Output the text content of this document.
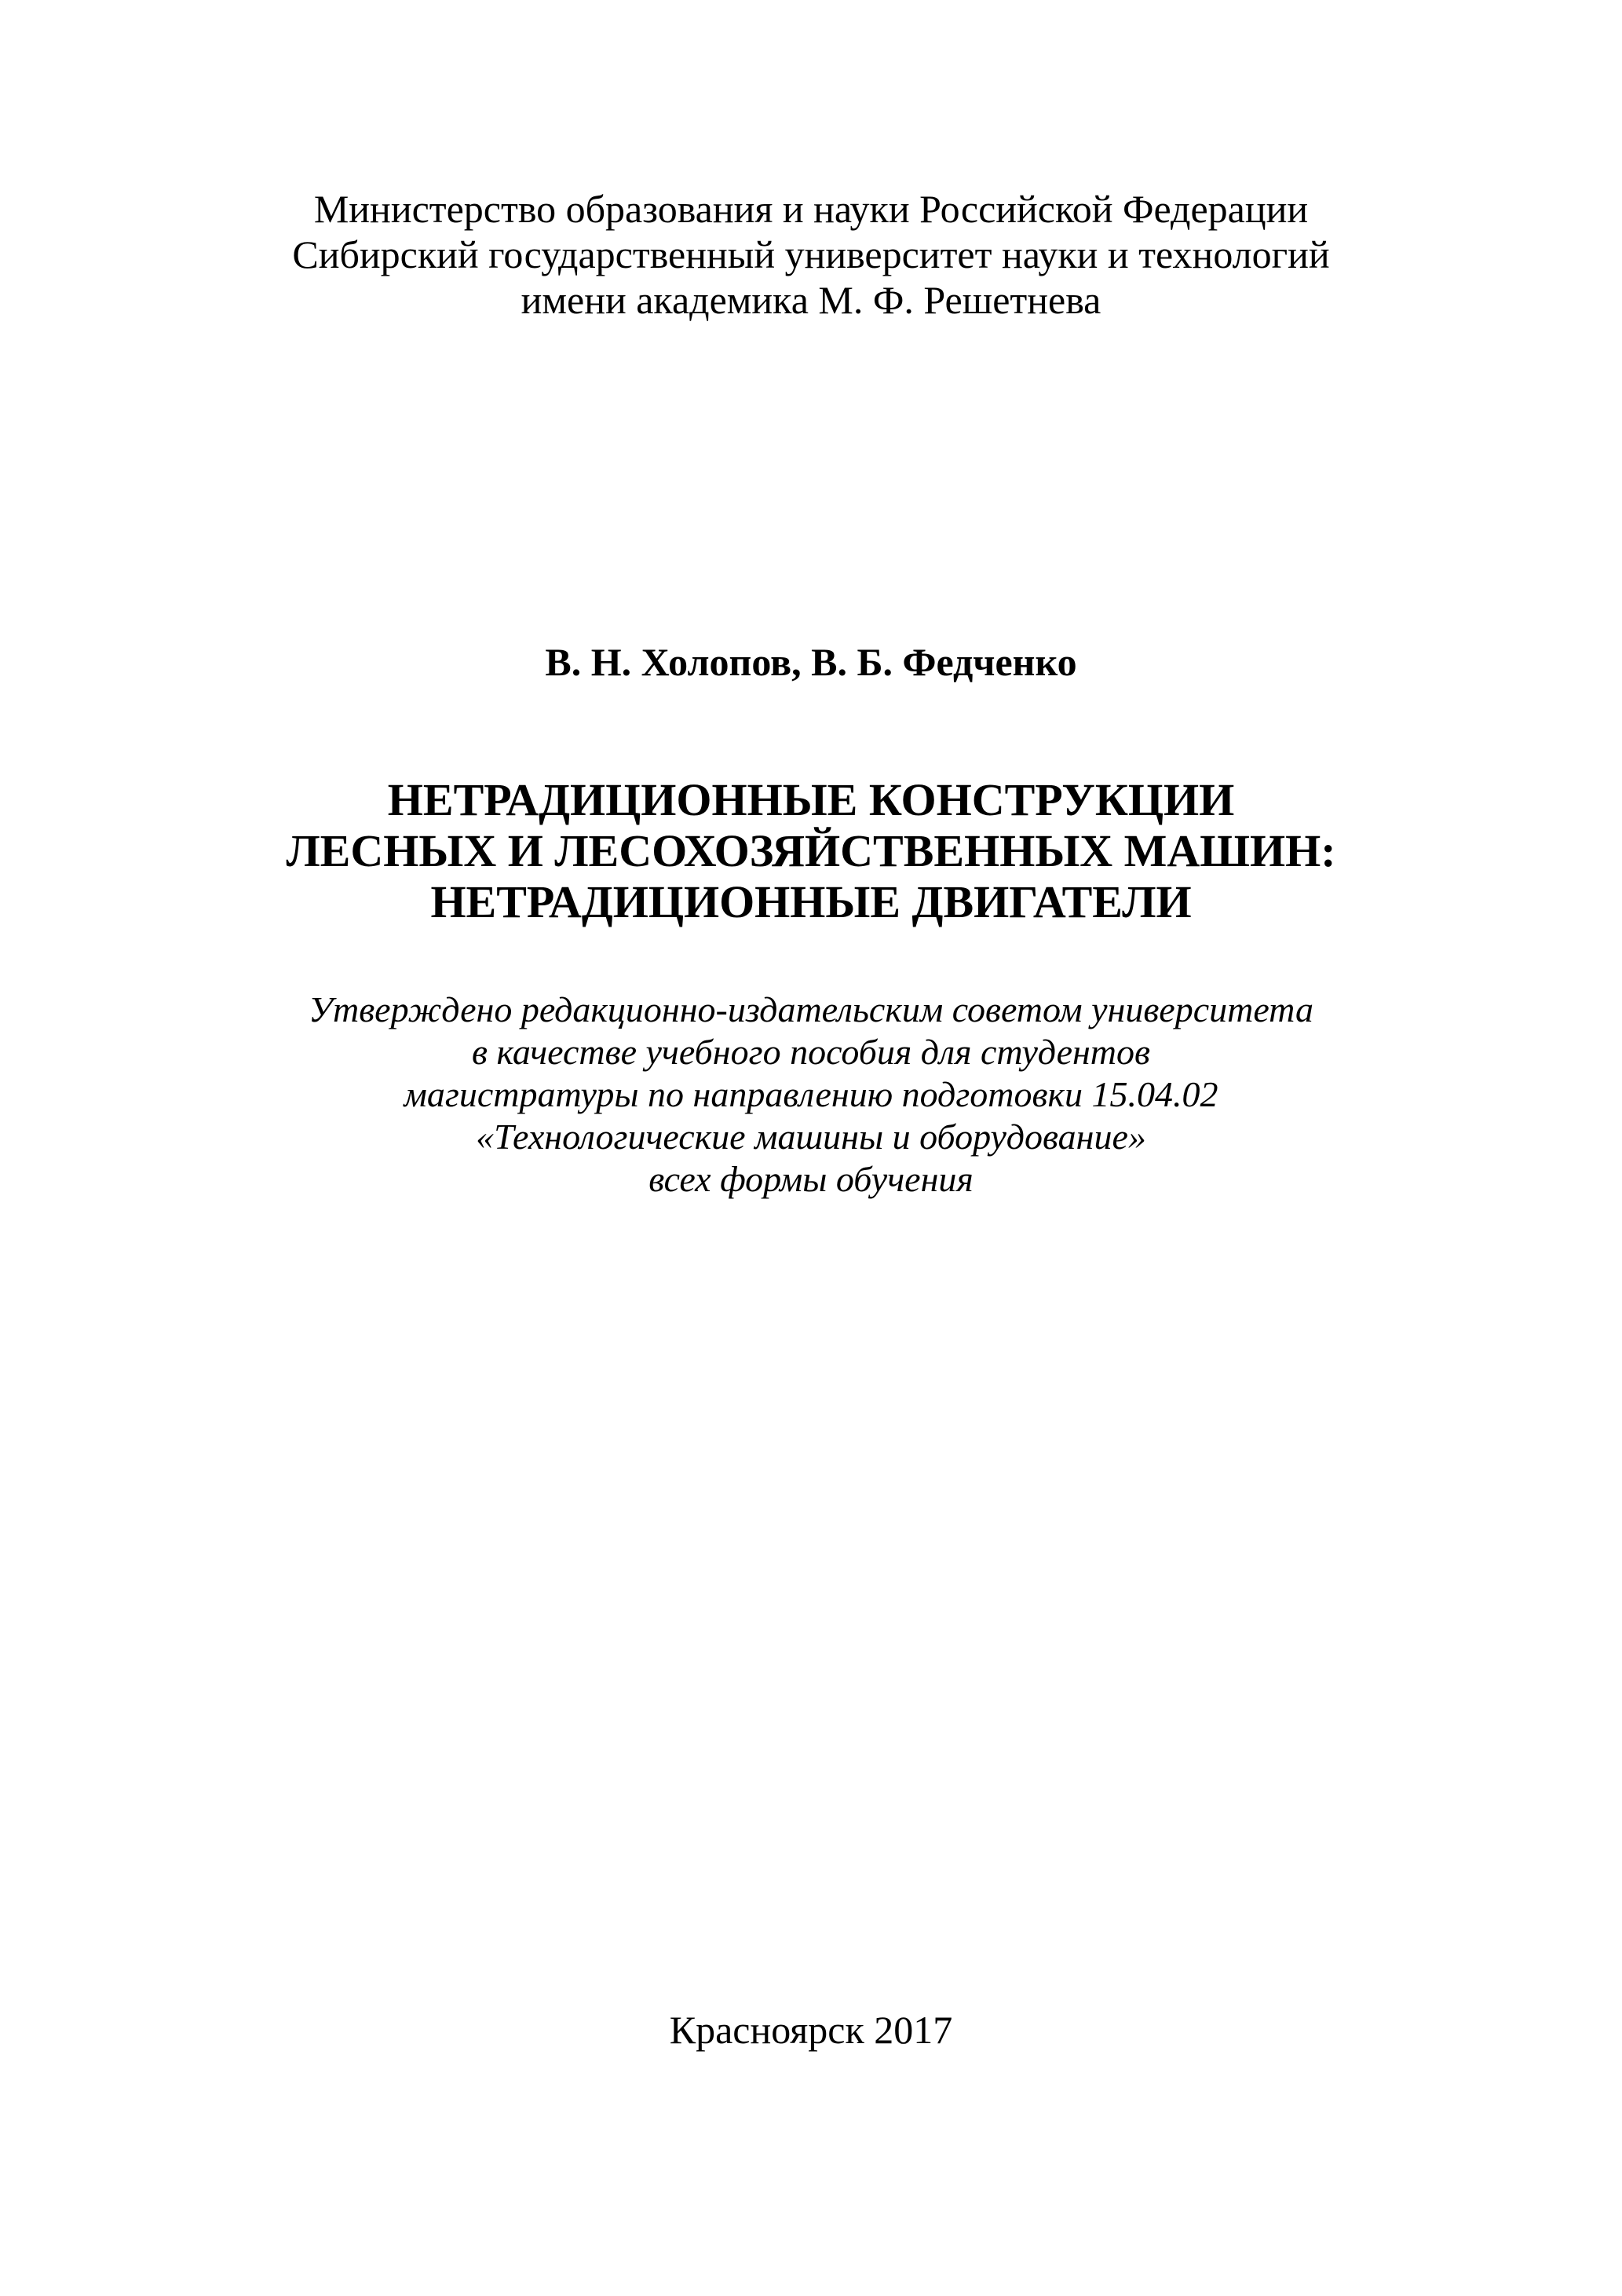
Министерство образования и науки Российской Федерации
Сибирский государственный университет науки и технологий
имени академика М. Ф. Решетнева
В. Н. Холопов, В. Б. Федченко
НЕТРАДИЦИОННЫЕ КОНСТРУКЦИИ
ЛЕСНЫХ И ЛЕСОХОЗЯЙСТВЕННЫХ МАШИН:
НЕТРАДИЦИОННЫЕ ДВИГАТЕЛИ
Утверждено редакционно-издательским советом университета
в качестве учебного пособия для студентов
магистратуры по направлению подготовки 15.04.02
«Технологические машины и оборудование»
всех формы обучения
Красноярск 2017
